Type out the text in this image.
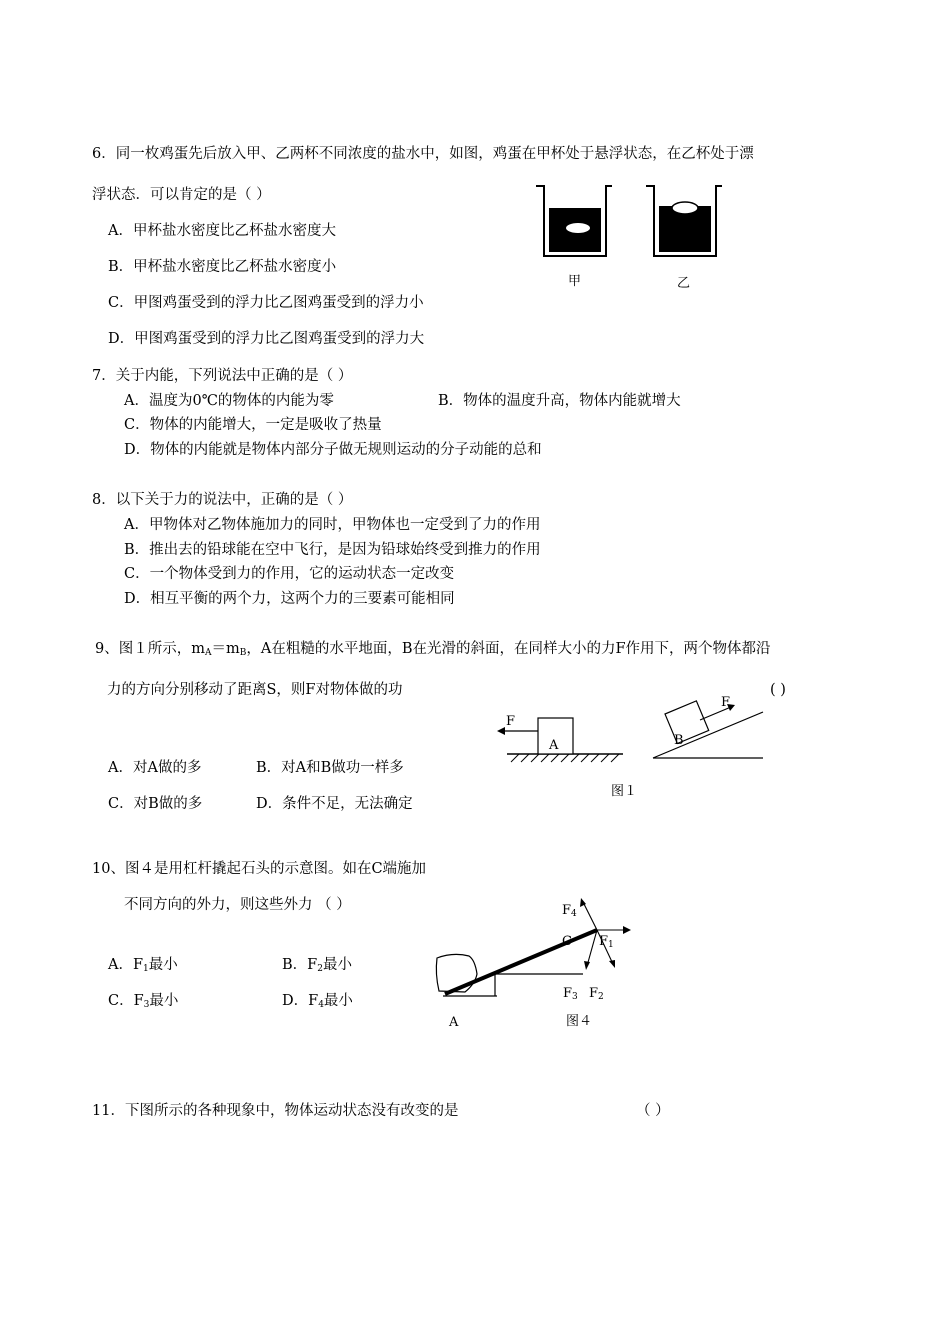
6．同一枚鸡蛋先后放入甲、乙两杯不同浓度的盐水中，如图，鸡蛋在甲杯处于悬浮状态，在乙杯处于漂
浮状态．可以肯定的是（ ）
A．甲杯盐水密度比乙杯盐水密度大
B．甲杯盐水密度比乙杯盐水密度小
C．甲图鸡蛋受到的浮力比乙图鸡蛋受到的浮力小
D．甲图鸡蛋受到的浮力比乙图鸡蛋受到的浮力大
甲	乙
7．关于内能，下列说法中正确的是（ ）
A．温度为0℃的物体的内能为零	B．物体的温度升高，物体内能就增大
C．物体的内能增大，一定是吸收了热量
D．物体的内能就是物体内部分子做无规则运动的分子动能的总和
8．以下关于力的说法中，正确的是（ ）
A．甲物体对乙物体施加力的同时，甲物体也一定受到了力的作用
B．推出去的铅球能在空中飞行，是因为铅球始终受到推力的作用
C．一个物体受到力的作用，它的运动状态一定改变
D．相互平衡的两个力，这两个力的三要素可能相同
9、图１所示，$m_A=m_B$，A在粗糙的水平地面，B在光滑的斜面，在同样大小的力F作用下，两个物体都沿
力的方向分别移动了距离S，则F对物体做的功	( )
A．对A做的多	B．对A和B做功一样多
C．对B做的多	D．条件不足，无法确定
F
A
F
B
图１
10、图４是用杠杆撬起石头的示意图。如在C端施加
不同方向的外力，则这些外力 （ ）
A．$F_1$最小	B．$F_2$最小
C．$F_3$最小	D．$F_4$最小
$F_4$
C $F_1$
$F_3$ $F_2$
A	图４
11．下图所示的各种现象中，物体运动状态没有改变的是	（ ）
